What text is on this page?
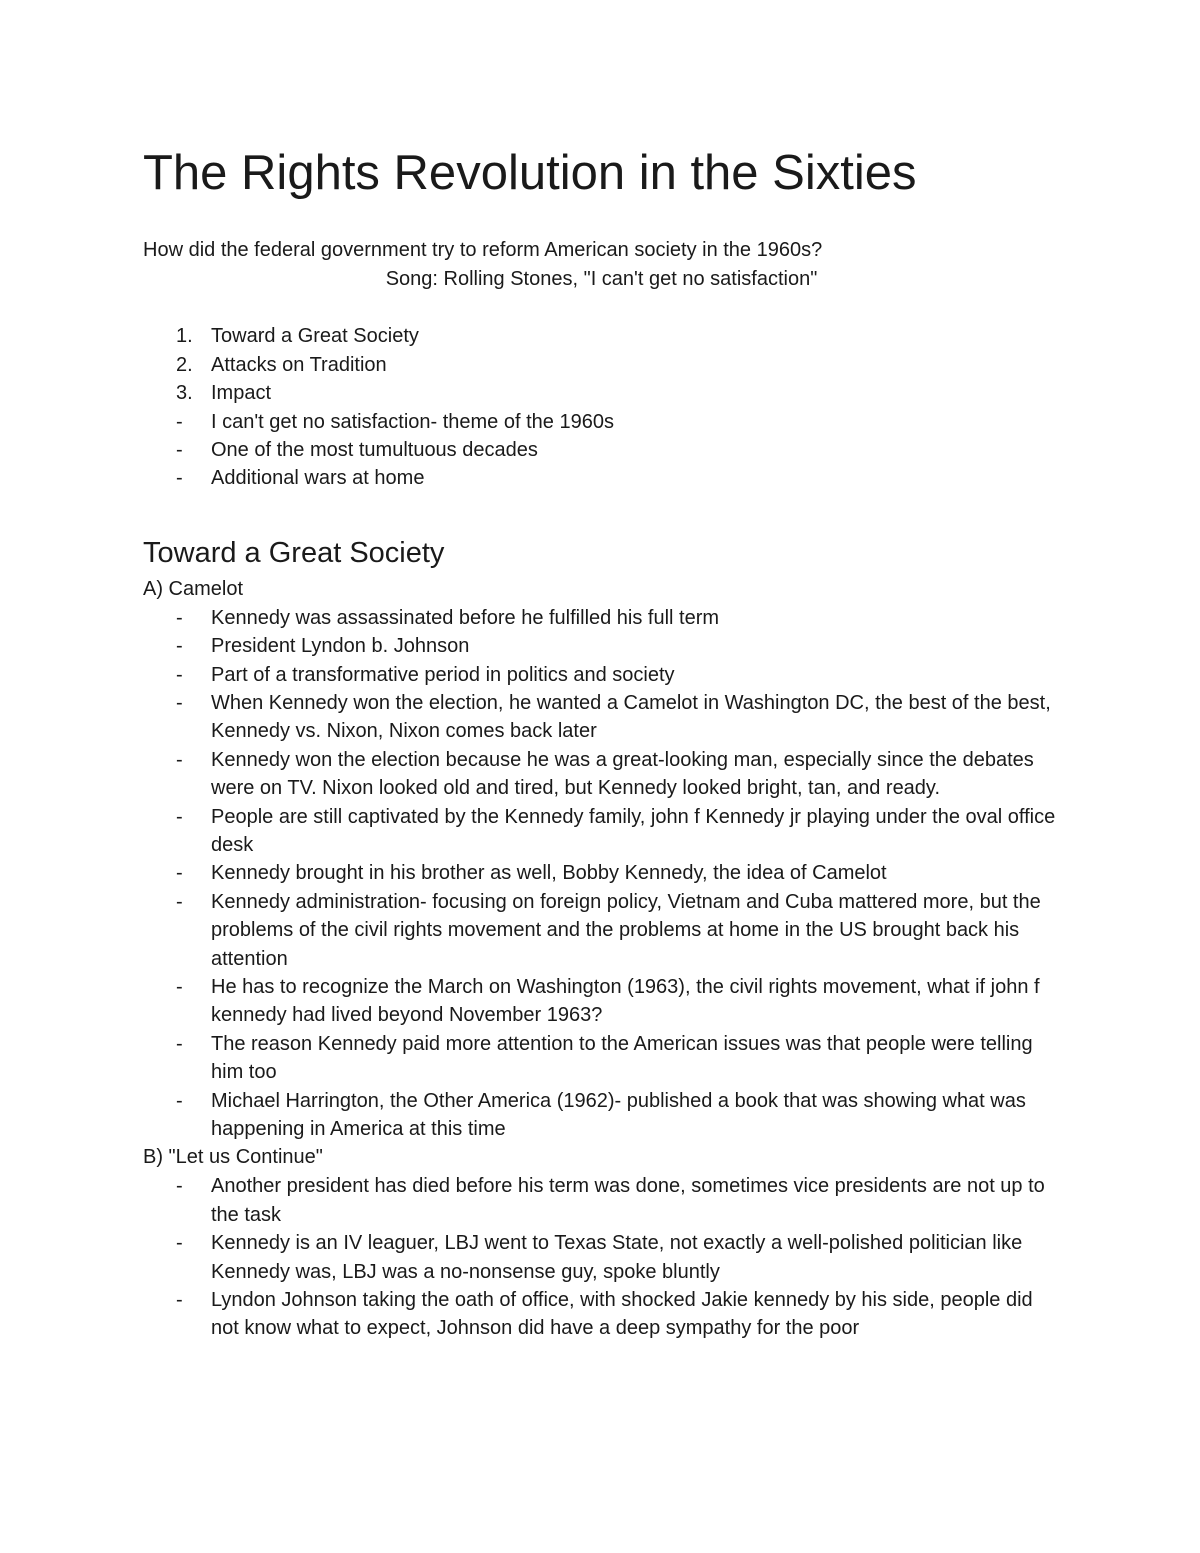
The Rights Revolution in the Sixties

How did the federal government try to reform American society in the 1960s?

Song: Rolling Stones, "I can't get no satisfaction"

1. Toward a Great Society
2. Attacks on Tradition
3. Impact
- I can't get no satisfaction- theme of the 1960s
- One of the most tumultuous decades
- Additional wars at home
Toward a Great Society

A) Camelot

- Kennedy was assassinated before he fulfilled his full term
- President Lyndon b. Johnson
- Part of a transformative period in politics and society
- When Kennedy won the election, he wanted a Camelot in Washington DC, the best of the best, Kennedy vs. Nixon, Nixon comes back later
- Kennedy won the election because he was a great-looking man, especially since the debates were on TV. Nixon looked old and tired, but Kennedy looked bright, tan, and ready.
- People are still captivated by the Kennedy family, john f Kennedy jr playing under the oval office desk
- Kennedy brought in his brother as well, Bobby Kennedy, the idea of Camelot
- Kennedy administration- focusing on foreign policy, Vietnam and Cuba mattered more, but the problems of the civil rights movement and the problems at home in the US brought back his attention
- He has to recognize the March on Washington (1963), the civil rights movement, what if john f kennedy had lived beyond November 1963?
- The reason Kennedy paid more attention to the American issues was that people were telling him too
- Michael Harrington, the Other America (1962)- published a book that was showing what was happening in America at this time

B) "Let us Continue"

- Another president has died before his term was done, sometimes vice presidents are not up to the task
- Kennedy is an IV leaguer, LBJ went to Texas State, not exactly a well-polished politician like Kennedy was, LBJ was a no-nonsense guy, spoke bluntly
- Lyndon Johnson taking the oath of office, with shocked Jakie kennedy by his side, people did not know what to expect, Johnson did have a deep sympathy for the poor
